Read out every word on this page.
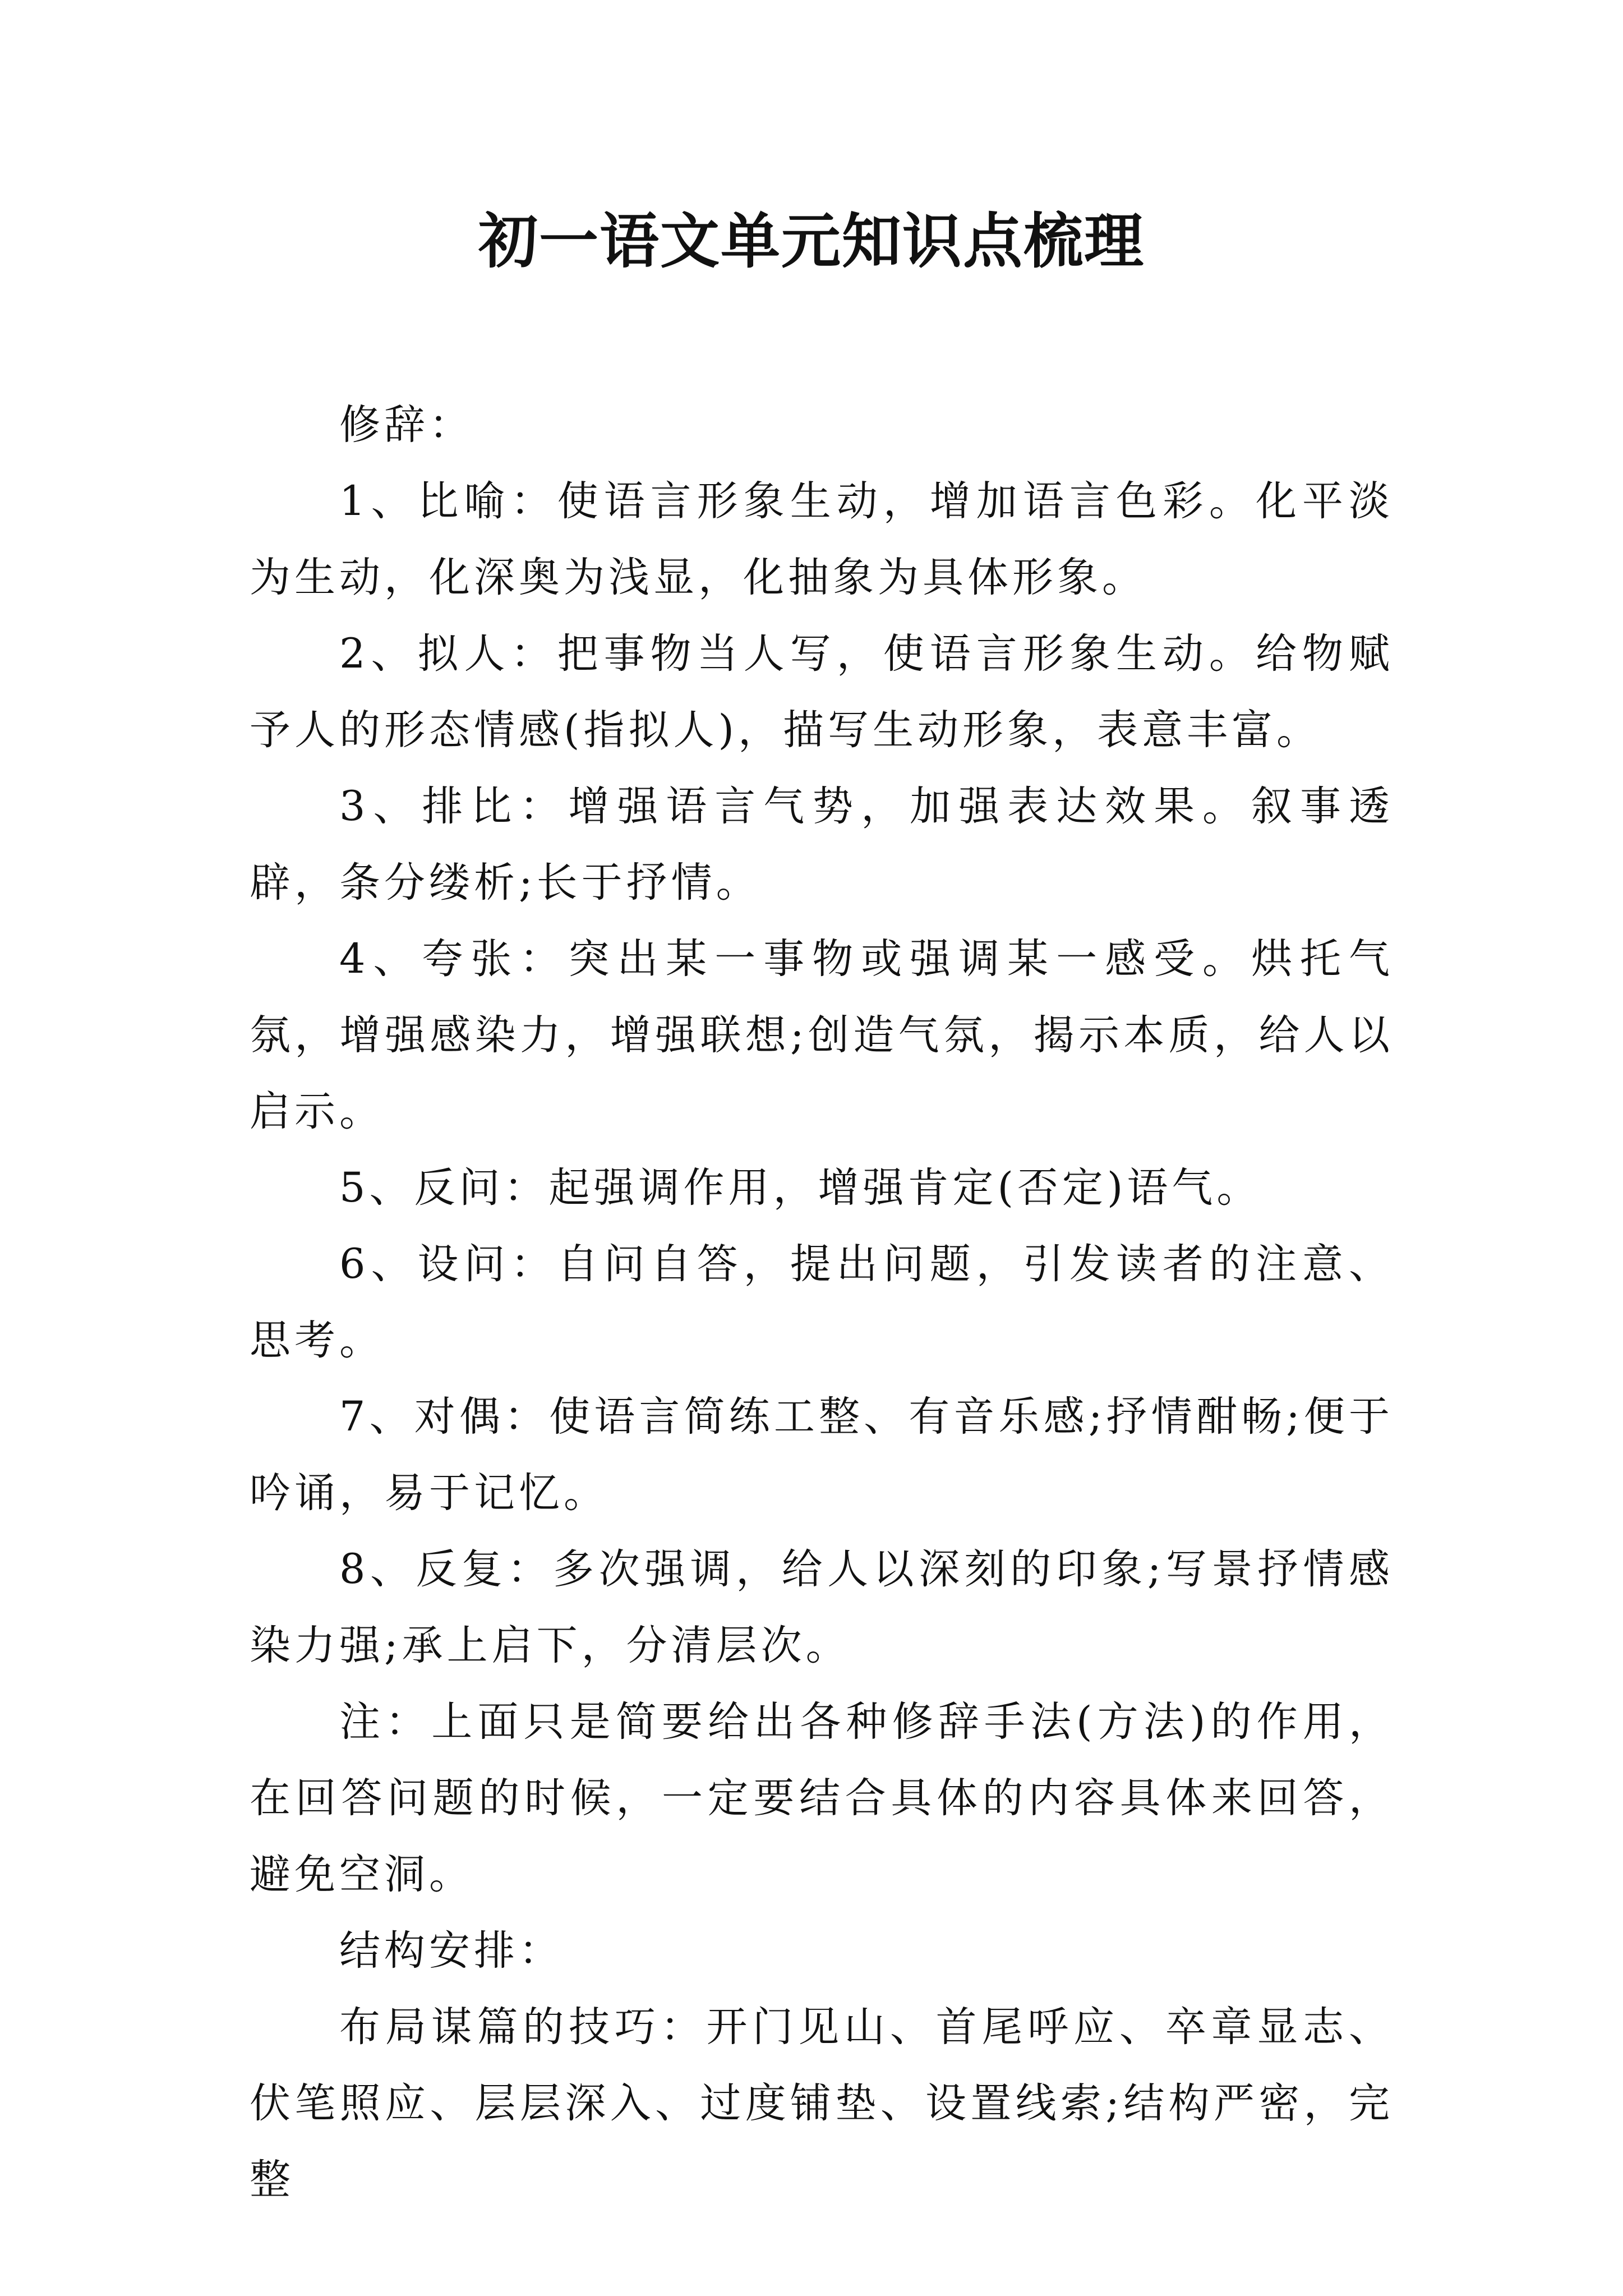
初一语文单元知识点梳理

修辞：

1、比喻：使语言形象生动，增加语言色彩。化平淡为生动，化深奥为浅显，化抽象为具体形象。

2、拟人：把事物当人写，使语言形象生动。给物赋予人的形态情感(指拟人)，描写生动形象，表意丰富。

3、排比：增强语言气势，加强表达效果。叙事透辟，条分缕析;长于抒情。

4、夸张：突出某一事物或强调某一感受。烘托气氛，增强感染力，增强联想;创造气氛，揭示本质，给人以启示。

5、反问：起强调作用，增强肯定(否定)语气。

6、设问：自问自答，提出问题，引发读者的注意、思考。

7、对偶：使语言简练工整、有音乐感;抒情酣畅;便于吟诵，易于记忆。

8、反复：多次强调，给人以深刻的印象;写景抒情感染力强;承上启下，分清层次。

注：上面只是简要给出各种修辞手法(方法)的作用，在回答问题的时候，一定要结合具体的内容具体来回答，避免空洞。

结构安排：

布局谋篇的技巧：开门见山、首尾呼应、卒章显志、伏笔照应、层层深入、过度铺垫、设置线索;结构严密，完整
